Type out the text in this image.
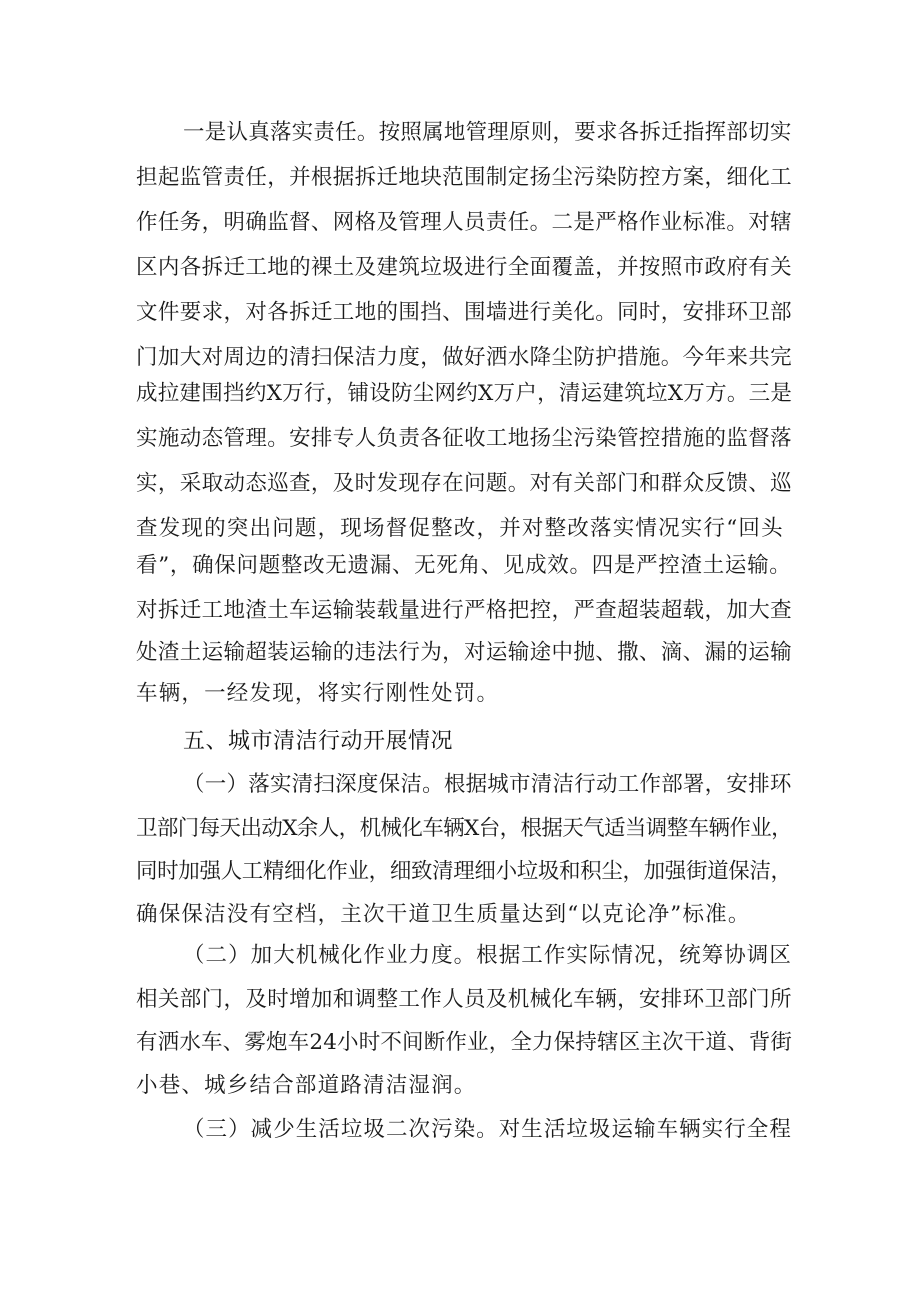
一是认真落实责任。按照属地管理原则，要求各拆迁指挥部切实
担起监管责任，并根据拆迁地块范围制定扬尘污染防控方案，细化工
作任务，明确监督、网格及管理人员责任。二是严格作业标准。对辖
区内各拆迁工地的裸土及建筑垃圾进行全面覆盖，并按照市政府有关
文件要求，对各拆迁工地的围挡、围墙进行美化。同时，安排环卫部
门加大对周边的清扫保洁力度，做好洒水降尘防护措施。今年来共完
成拉建围挡约X万行，铺设防尘网约X万户，清运建筑垃X万方。三是
实施动态管理。安排专人负责各征收工地扬尘污染管控措施的监督落
实，采取动态巡查，及时发现存在问题。对有关部门和群众反馈、巡
查发现的突出问题，现场督促整改，并对整改落实情况实行“回头
看”，确保问题整改无遗漏、无死角、见成效。四是严控渣土运输。
对拆迁工地渣土车运输装载量进行严格把控，严查超装超载，加大查
处渣土运输超装运输的违法行为，对运输途中抛、撒、滴、漏的运输
车辆，一经发现，将实行刚性处罚。
五、城市清洁行动开展情况
（一）落实清扫深度保洁。根据城市清洁行动工作部署，安排环
卫部门每天出动X余人，机械化车辆X台，根据天气适当调整车辆作业，
同时加强人工精细化作业，细致清理细小垃圾和积尘，加强街道保洁，
确保保洁没有空档，主次干道卫生质量达到“以克论净”标准。
（二）加大机械化作业力度。根据工作实际情况，统筹协调区
相关部门，及时增加和调整工作人员及机械化车辆，安排环卫部门所
有洒水车、雾炮车24小时不间断作业，全力保持辖区主次干道、背街
小巷、城乡结合部道路清洁湿润。
（三）减少生活垃圾二次污染。对生活垃圾运输车辆实行全程
